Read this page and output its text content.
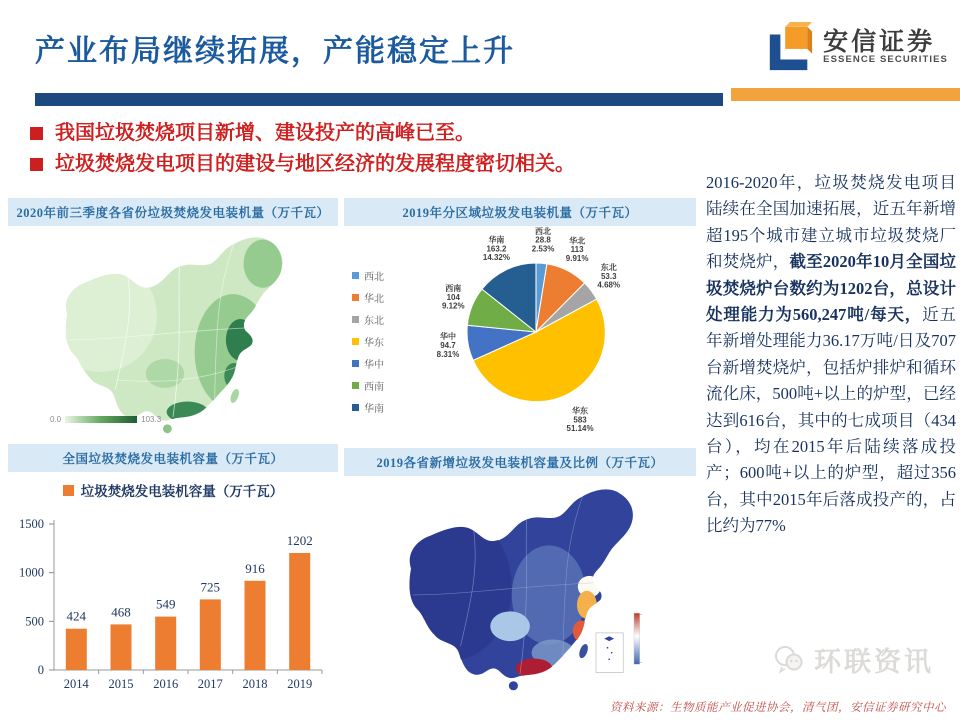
产业布局继续拓展，产能稳定上升	安信证券
ESSENCE SECURITIES
我国垃圾焚烧项目新增、建设投产的高峰已至。
垃圾焚烧发电项目的建设与地区经济的发展程度密切相关。
2020年前三季度各省份垃圾焚烧发电装机量（万千瓦）
0.0	103.3
2019年分区域垃圾发电装机量（万千瓦）
西北
华北
东北
华东
华中
西南
华南
西北 28.8 2.53%
华北 113 9.91%
东北 53.3 4.68%
华东 583 51.14%
华中 94.7 8.31%
西南 104 9.12%
华南 163.2 14.32%
全国垃圾焚烧发电装机容量（万千瓦）
垃圾焚烧发电装机容量（万千瓦）
0
500
1000
1500
424
2014
468
2015
549
2016
725
2017
916
2018
1202
2019
2019各省新增垃圾发电装机容量及比例（万千瓦）
2016-2020年，垃圾焚烧发电项目陆续在全国加速拓展，近五年新增超195个城市建立城市垃圾焚烧厂和焚烧炉，截至2020年10月全国垃圾焚烧炉台数约为1202台，总设计处理能力为560,247吨/每天，近五年新增处理能力36.17万吨/日及707台新增焚烧炉，包括炉排炉和循环流化床，500吨+以上的炉型，已经达到616台，其中的七成项目（434台），均在2015年后陆续落成投产；600吨+以上的炉型，超过356台，其中2015年后落成投产的，占比约为77%
环联资讯
资料来源：生物质能产业促进协会，清气团，安信证券研究中心
